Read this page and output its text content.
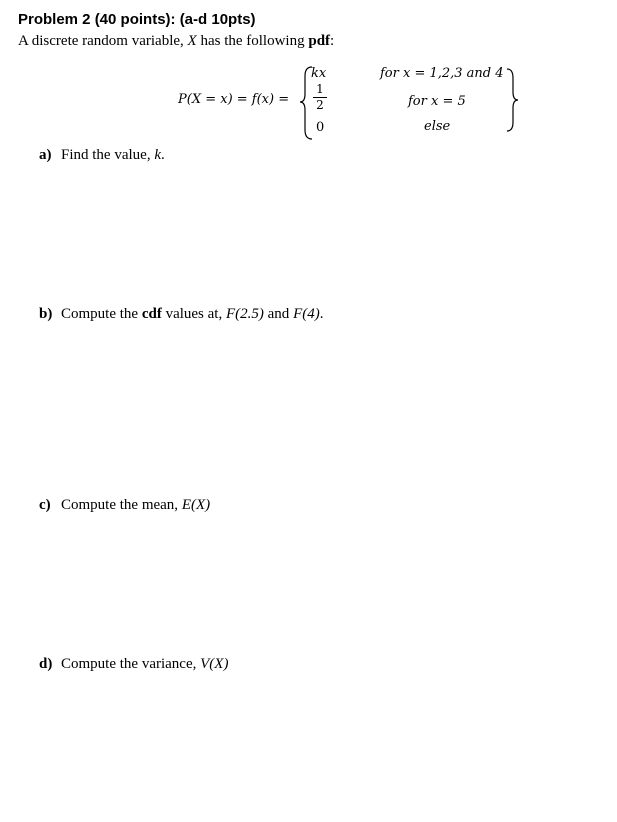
Problem 2 (40 points): (a-d 10pts)
A discrete random variable, X has the following pdf:
P(X = x) = f(x) =
kx
1
2
0
for x = 1,2,3 and 4
for x = 5
else
a) Find the value, k.
b) Compute the cdf values at, F(2.5) and F(4).
c) Compute the mean, E(X)
d) Compute the variance, V(X)
